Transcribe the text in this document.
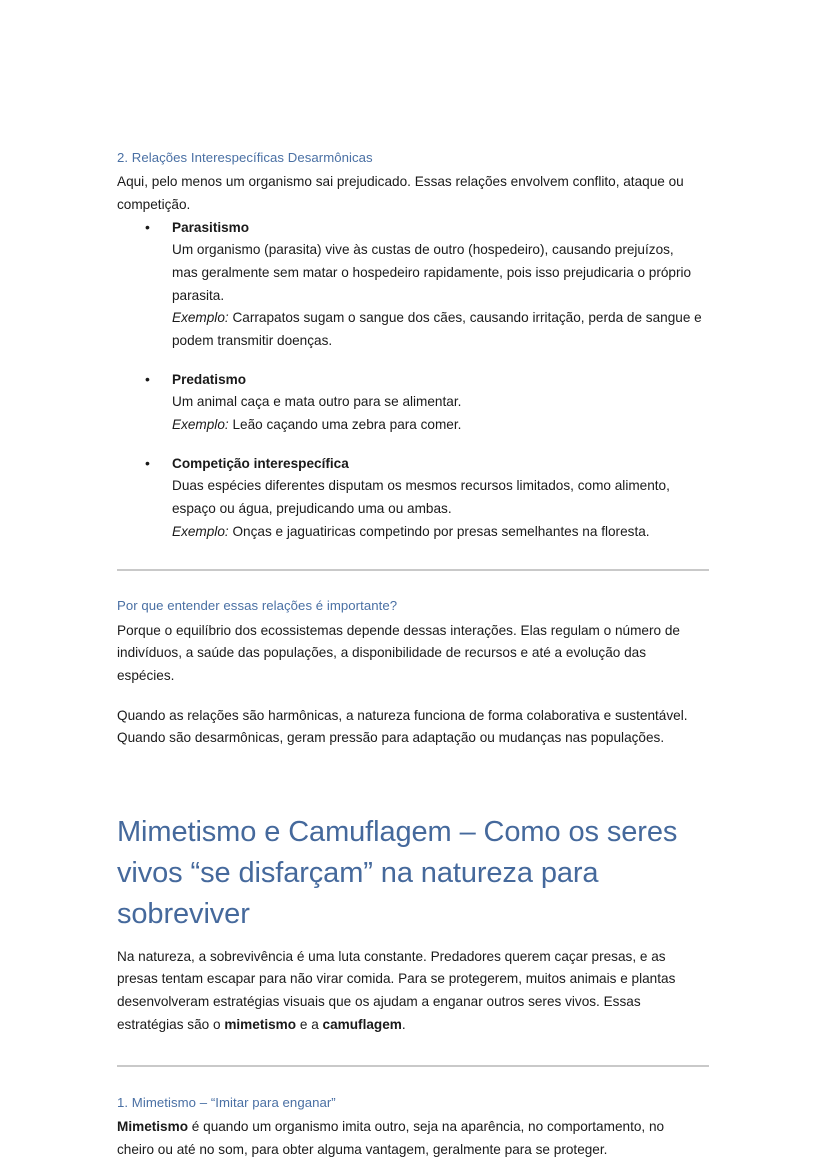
2. Relações Interespecíficas Desarmônicas

Aqui, pelo menos um organismo sai prejudicado. Essas relações envolvem conflito, ataque ou competição.

• Parasitismo
Um organismo (parasita) vive às custas de outro (hospedeiro), causando prejuízos, mas geralmente sem matar o hospedeiro rapidamente, pois isso prejudicaria o próprio parasita.
Exemplo: Carrapatos sugam o sangue dos cães, causando irritação, perda de sangue e podem transmitir doenças.
• Predatismo
Um animal caça e mata outro para se alimentar.
Exemplo: Leão caçando uma zebra para comer.
• Competição interespecífica
Duas espécies diferentes disputam os mesmos recursos limitados, como alimento, espaço ou água, prejudicando uma ou ambas.
Exemplo: Onças e jaguatiricas competindo por presas semelhantes na floresta.
Por que entender essas relações é importante?

Porque o equilíbrio dos ecossistemas depende dessas interações. Elas regulam o número de indivíduos, a saúde das populações, a disponibilidade de recursos e até a evolução das espécies.

Quando as relações são harmônicas, a natureza funciona de forma colaborativa e sustentável. Quando são desarmônicas, geram pressão para adaptação ou mudanças nas populações.

Mimetismo e Camuflagem – Como os seres vivos “se disfarçam” na natureza para sobreviver

Na natureza, a sobrevivência é uma luta constante. Predadores querem caçar presas, e as presas tentam escapar para não virar comida. Para se protegerem, muitos animais e plantas desenvolveram estratégias visuais que os ajudam a enganar outros seres vivos. Essas estratégias são o mimetismo e a camuflagem.

1. Mimetismo – “Imitar para enganar”

Mimetismo é quando um organismo imita outro, seja na aparência, no comportamento, no cheiro ou até no som, para obter alguma vantagem, geralmente para se proteger.
